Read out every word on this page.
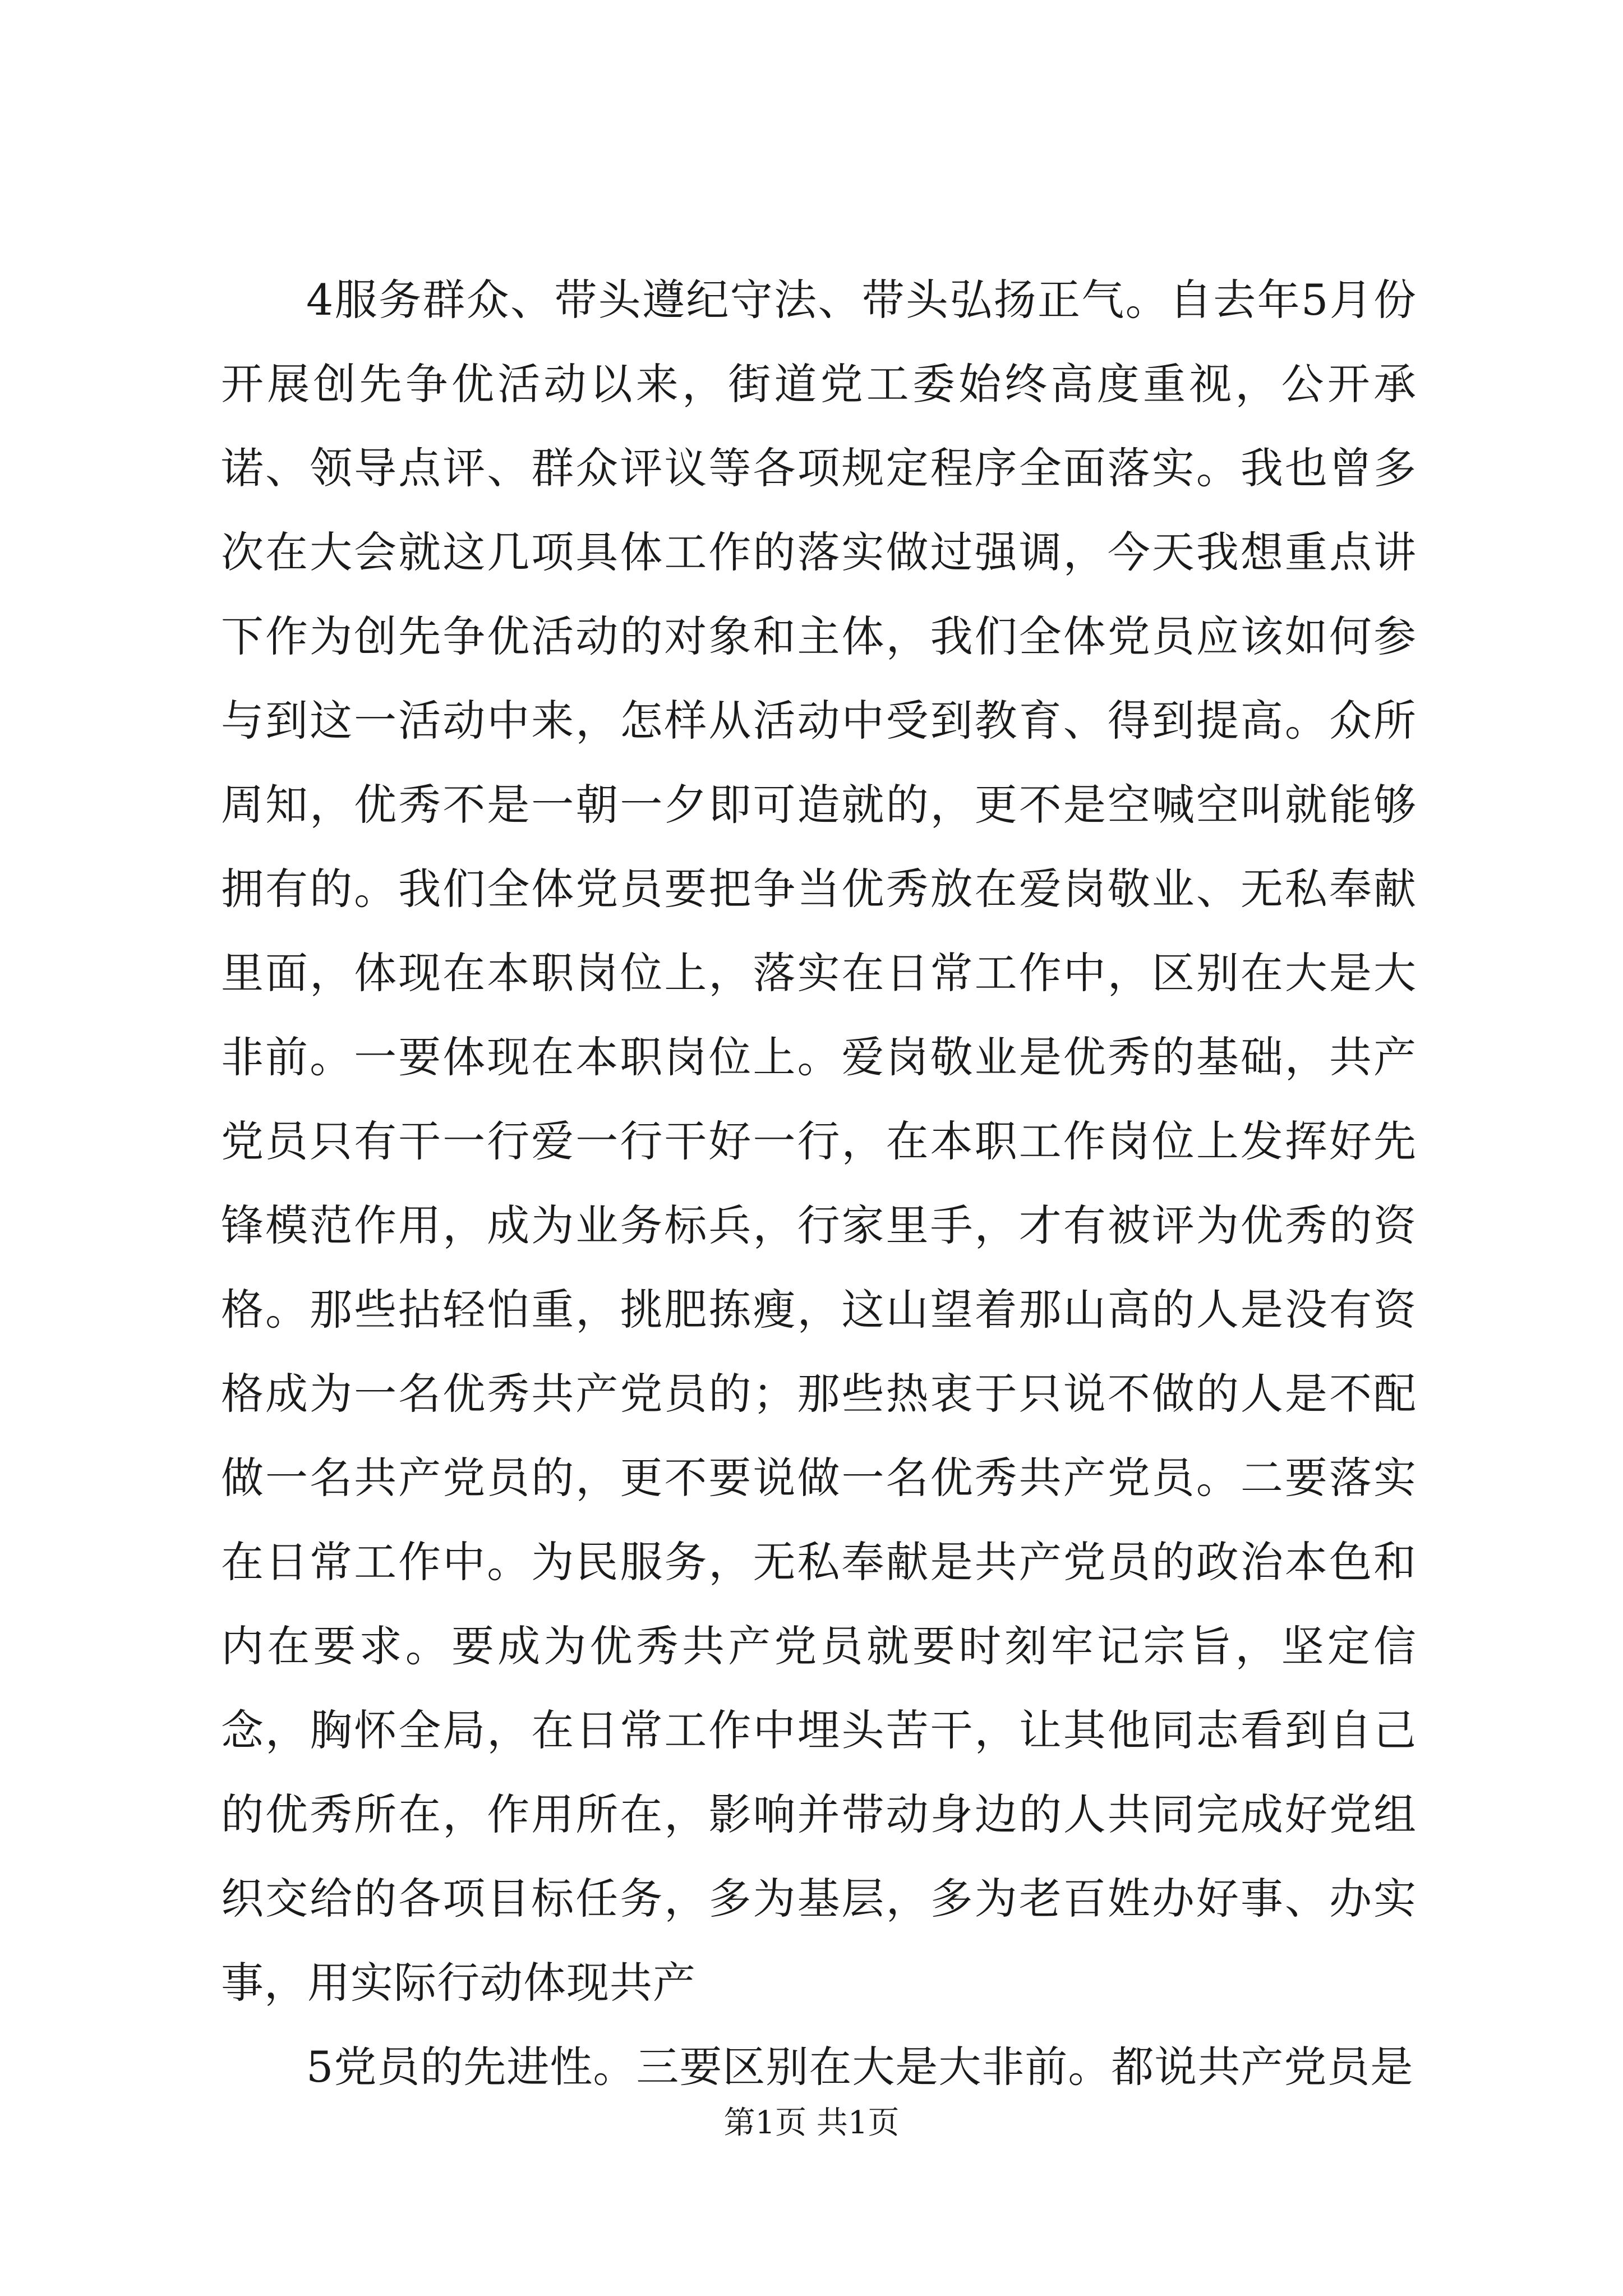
4服务群众、带头遵纪守法、带头弘扬正气。自去年5月份开展创先争优活动以来，街道党工委始终高度重视，公开承诺、领导点评、群众评议等各项规定程序全面落实。我也曾多次在大会就这几项具体工作的落实做过强调，今天我想重点讲下作为创先争优活动的对象和主体，我们全体党员应该如何参与到这一活动中来，怎样从活动中受到教育、得到提高。众所周知，优秀不是一朝一夕即可造就的，更不是空喊空叫就能够拥有的。我们全体党员要把争当优秀放在爱岗敬业、无私奉献里面，体现在本职岗位上，落实在日常工作中，区别在大是大非前。一要体现在本职岗位上。爱岗敬业是优秀的基础，共产党员只有干一行爱一行干好一行，在本职工作岗位上发挥好先锋模范作用，成为业务标兵，行家里手，才有被评为优秀的资格。那些拈轻怕重，挑肥拣瘦，这山望着那山高的人是没有资格成为一名优秀共产党员的；那些热衷于只说不做的人是不配做一名共产党员的，更不要说做一名优秀共产党员。二要落实在日常工作中。为民服务，无私奉献是共产党员的政治本色和内在要求。要成为优秀共产党员就要时刻牢记宗旨，坚定信念，胸怀全局，在日常工作中埋头苦干，让其他同志看到自己的优秀所在，作用所在，影响并带动身边的人共同完成好党组织交给的各项目标任务，多为基层，多为老百姓办好事、办实事，用实际行动体现共产

5党员的先进性。三要区别在大是大非前。都说共产党员是

第1页 共1页
